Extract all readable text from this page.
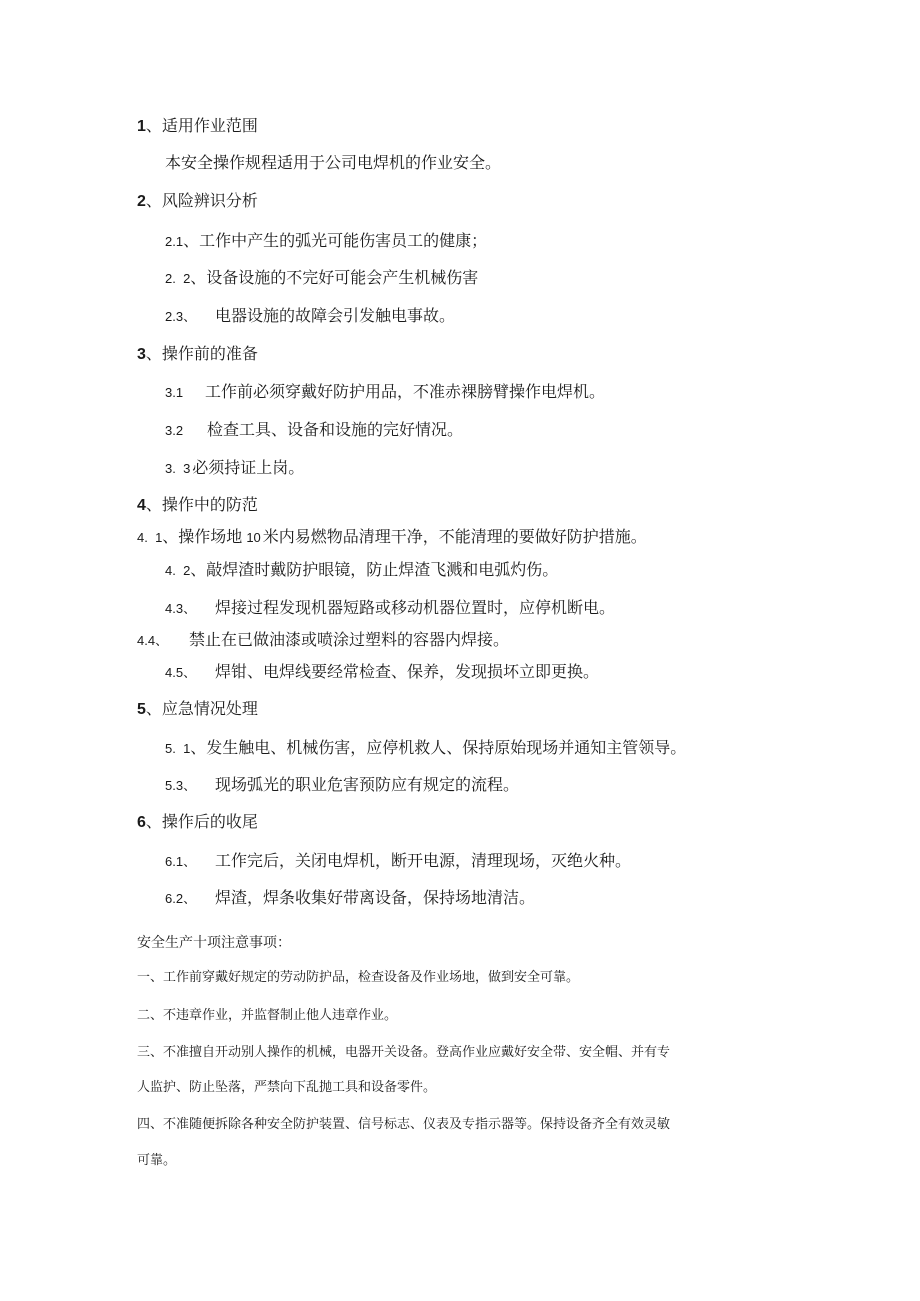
1、适用作业范围
本安全操作规程适用于公司电焊机的作业安全。
2、风险辨识分析
2.1、工作中产生的弧光可能伤害员工的健康；
2.  2、设备设施的不完好可能会产生机械伤害
2.3、 电器设施的故障会引发触电事故。
3、操作前的准备
3.1 工作前必须穿戴好防护用品，不准赤裸膀臂操作电焊机。
3.2 检查工具、设备和设施的完好情况。
3.  3 必须持证上岗。
4、操作中的防范
4.  1、操作场地 10 米内易燃物品清理干净，不能清理的要做好防护措施。
4.  2、敲焊渣时戴防护眼镜，防止焊渣飞溅和电弧灼伤。
4.3、 焊接过程发现机器短路或移动机器位置时，应停机断电。
4.4、 禁止在已做油漆或喷涂过塑料的容器内焊接。
4.5、 焊钳、电焊线要经常检查、保养，发现损坏立即更换。
5、应急情况处理
5.  1、发生触电、机械伤害，应停机救人、保持原始现场并通知主管领导。
5.3、 现场弧光的职业危害预防应有规定的流程。
6、操作后的收尾
6.1、 工作完后，关闭电焊机，断开电源，清理现场，灭绝火种。
6.2、 焊渣，焊条收集好带离设备，保持场地清洁。
安全生产十项注意事项：
一、工作前穿戴好规定的劳动防护品，检查设备及作业场地，做到安全可靠。
二、不违章作业，并监督制止他人违章作业。
三、不准擅自开动别人操作的机械，电器开关设备。登高作业应戴好安全带、安全帽、并有专
人监护、防止坠落，严禁向下乱抛工具和设备零件。
四、不准随便拆除各种安全防护装置、信号标志、仪表及专指示器等。保持设备齐全有效灵敏
可靠。
